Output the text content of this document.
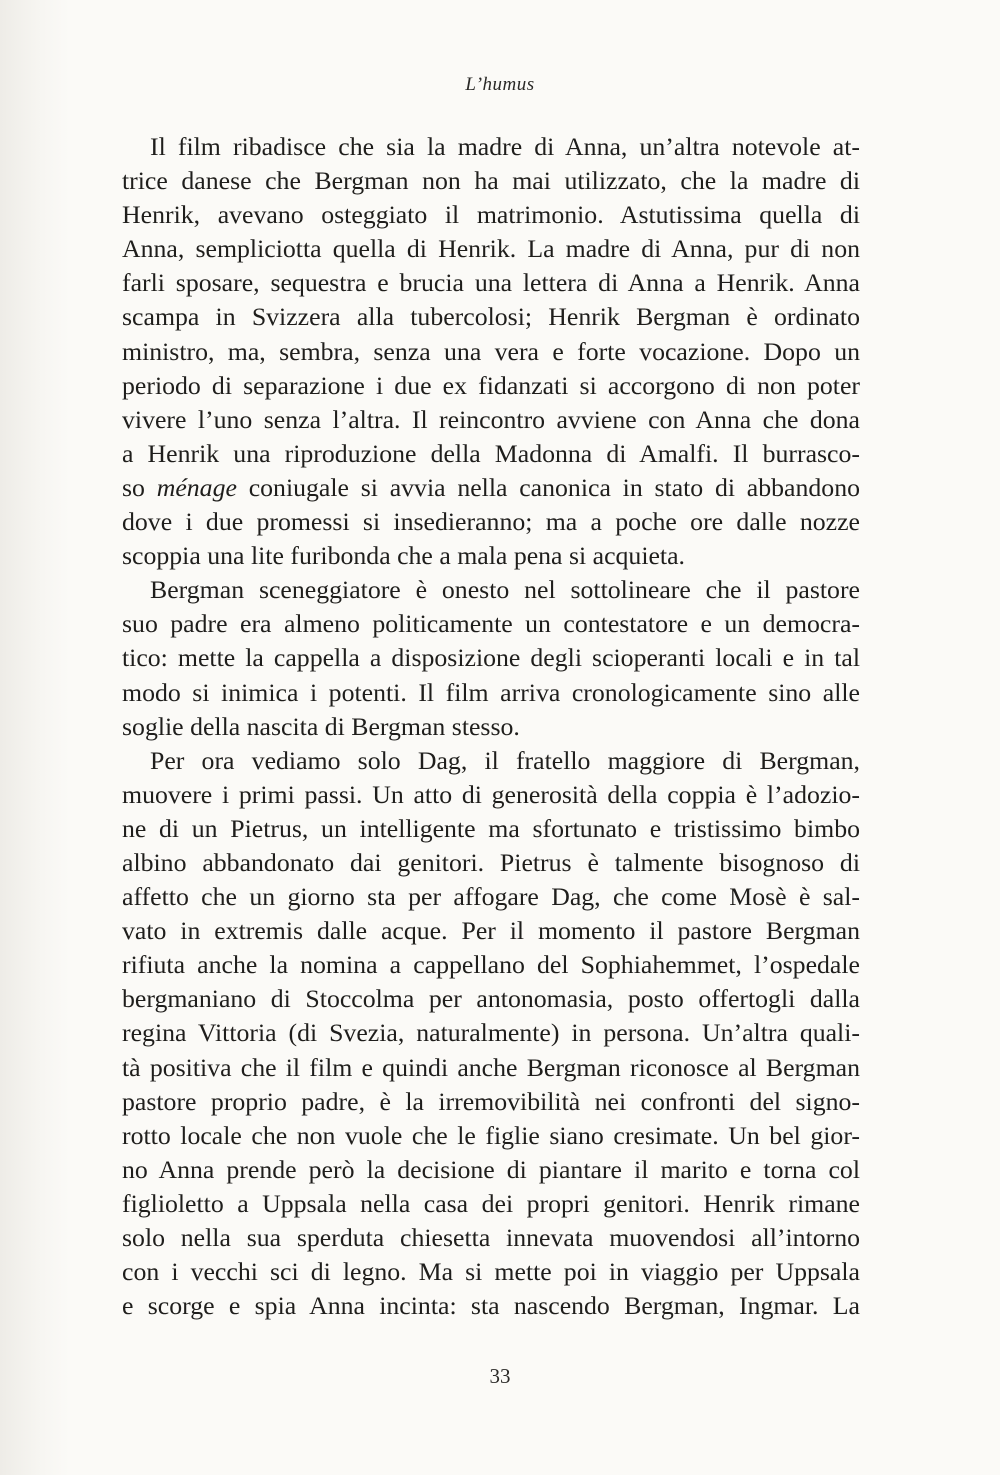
L’humus
Il film ribadisce che sia la madre di Anna, un’altra notevole at-
trice danese che Bergman non ha mai utilizzato, che la madre di
Henrik, avevano osteggiato il matrimonio. Astutissima quella di
Anna, sempliciotta quella di Henrik. La madre di Anna, pur di non
farli sposare, sequestra e brucia una lettera di Anna a Henrik. Anna
scampa in Svizzera alla tubercolosi; Henrik Bergman è ordinato
ministro, ma, sembra, senza una vera e forte vocazione. Dopo un
periodo di separazione i due ex fidanzati si accorgono di non poter
vivere l’uno senza l’altra. Il reincontro avviene con Anna che dona
a Henrik una riproduzione della Madonna di Amalfi. Il burrasco-
so ménage coniugale si avvia nella canonica in stato di abbandono
dove i due promessi si insedieranno; ma a poche ore dalle nozze
scoppia una lite furibonda che a mala pena si acquieta.
Bergman sceneggiatore è onesto nel sottolineare che il pastore
suo padre era almeno politicamente un contestatore e un democra-
tico: mette la cappella a disposizione degli scioperanti locali e in tal
modo si inimica i potenti. Il film arriva cronologicamente sino alle
soglie della nascita di Bergman stesso.
Per ora vediamo solo Dag, il fratello maggiore di Bergman,
muovere i primi passi. Un atto di generosità della coppia è l’adozio-
ne di un Pietrus, un intelligente ma sfortunato e tristissimo bimbo
albino abbandonato dai genitori. Pietrus è talmente bisognoso di
affetto che un giorno sta per affogare Dag, che come Mosè è sal-
vato in extremis dalle acque. Per il momento il pastore Bergman
rifiuta anche la nomina a cappellano del Sophiahemmet, l’ospedale
bergmaniano di Stoccolma per antonomasia, posto offertogli dalla
regina Vittoria (di Svezia, naturalmente) in persona. Un’altra quali-
tà positiva che il film e quindi anche Bergman riconosce al Bergman
pastore proprio padre, è la irremovibilità nei confronti del signo-
rotto locale che non vuole che le figlie siano cresimate. Un bel gior-
no Anna prende però la decisione di piantare il marito e torna col
figlioletto a Uppsala nella casa dei propri genitori. Henrik rimane
solo nella sua sperduta chiesetta innevata muovendosi all’intorno
con i vecchi sci di legno. Ma si mette poi in viaggio per Uppsala
e scorge e spia Anna incinta: sta nascendo Bergman, Ingmar. La
33
